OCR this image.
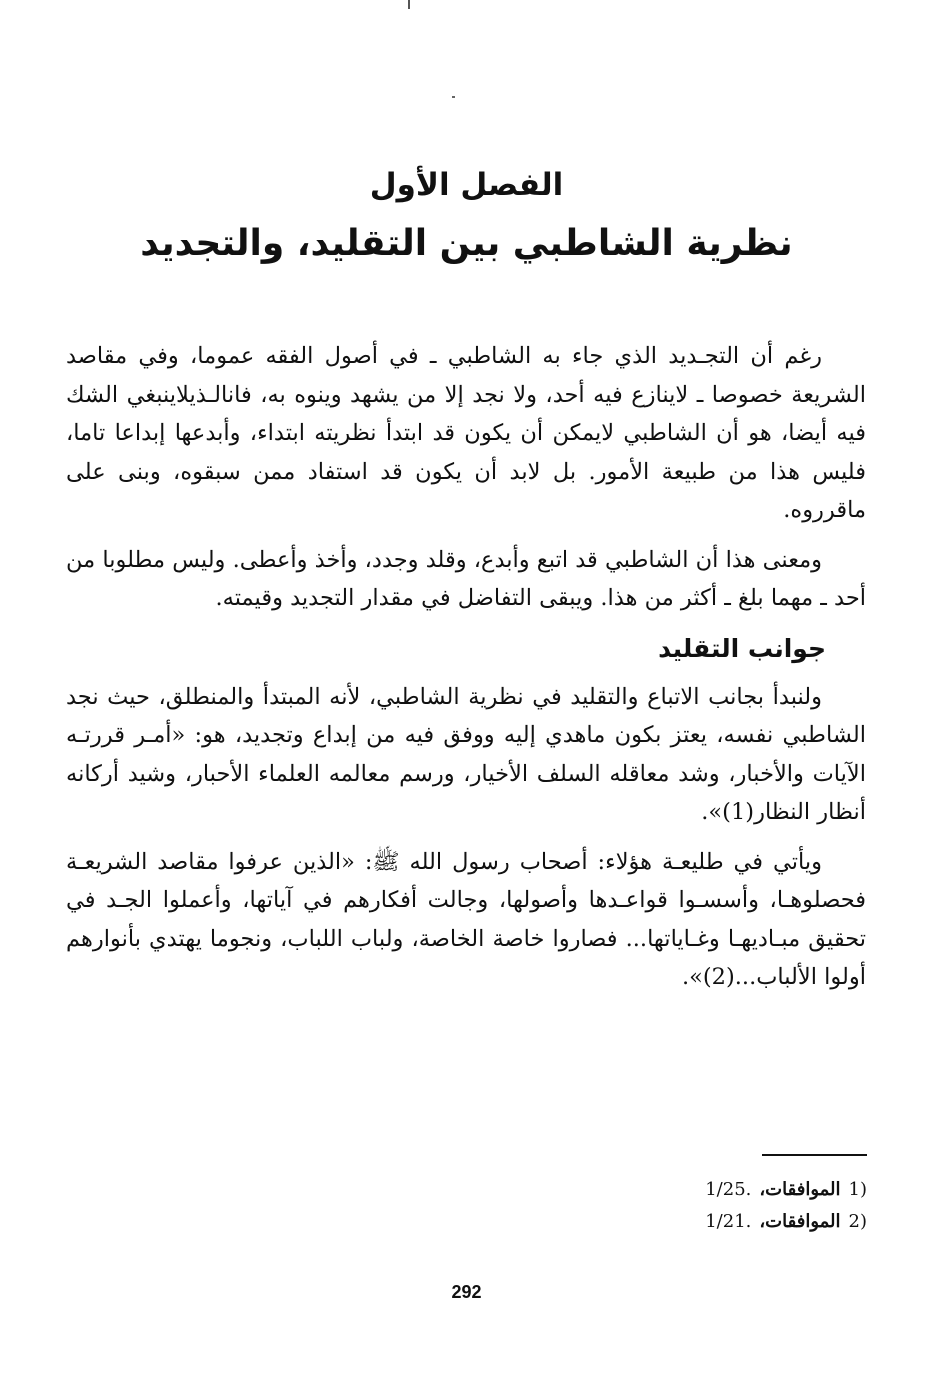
الفصل الأول
نظرية الشاطبي بين التقليد، والتجديد

رغم أن التجـديد الذي جاء به الشاطبي ـ في أصول الفقه عموما، وفي مقاصد الشريعة خصوصا ـ لاينازع فيه أحد، ولا نجد إلا من يشهد وينوه به، فانالـذيلاينبغي الشك فيه أيضا، هو أن الشاطبي لايمكن أن يكون قد ابتدأ نظريته ابتداء، وأبدعها إبداعا تاما، فليس هذا من طبيعة الأمور. بل لابد أن يكون قد استفاد ممن سبقوه، وبنى على ماقرروه.

ومعنى هذا أن الشاطبي قد اتبع وأبدع، وقلد وجدد، وأخذ وأعطى. وليس مطلوبا من أحد ـ مهما بلغ ـ أكثر من هذا. ويبقى التفاضل في مقدار التجديد وقيمته.

جوانب التقليد

ولنبدأ بجانب الاتباع والتقليد في نظرية الشاطبي، لأنه المبتدأ والمنطلق، حيث نجد الشاطبي نفسه، يعتز بكون ماهدي إليه ووفق فيه من إبداع وتجديد، هو: «أمـر قررتـه الآيات والأخبار، وشد معاقله السلف الأخيار، ورسم معالمه العلماء الأحبار، وشيد أركانه أنظار النظار(1)».

ويأتي في طليعـة هؤلاء: أصحاب رسول الله ﷺ: «الذين عرفوا مقاصد الشريعـة فحصلوهـا، وأسسـوا قواعـدها وأصولها، وجالت أفكارهم في آياتها، وأعملوا الجـد في تحقيق مبـاديهـا وغـاياتها... فصاروا خاصة الخاصة، ولباب اللباب، ونجوما يهتدي بأنوارهم أولوا الألباب...(2)».

1)
الموافقات،
1/25.
2)
الموافقات،
1/21.
292
